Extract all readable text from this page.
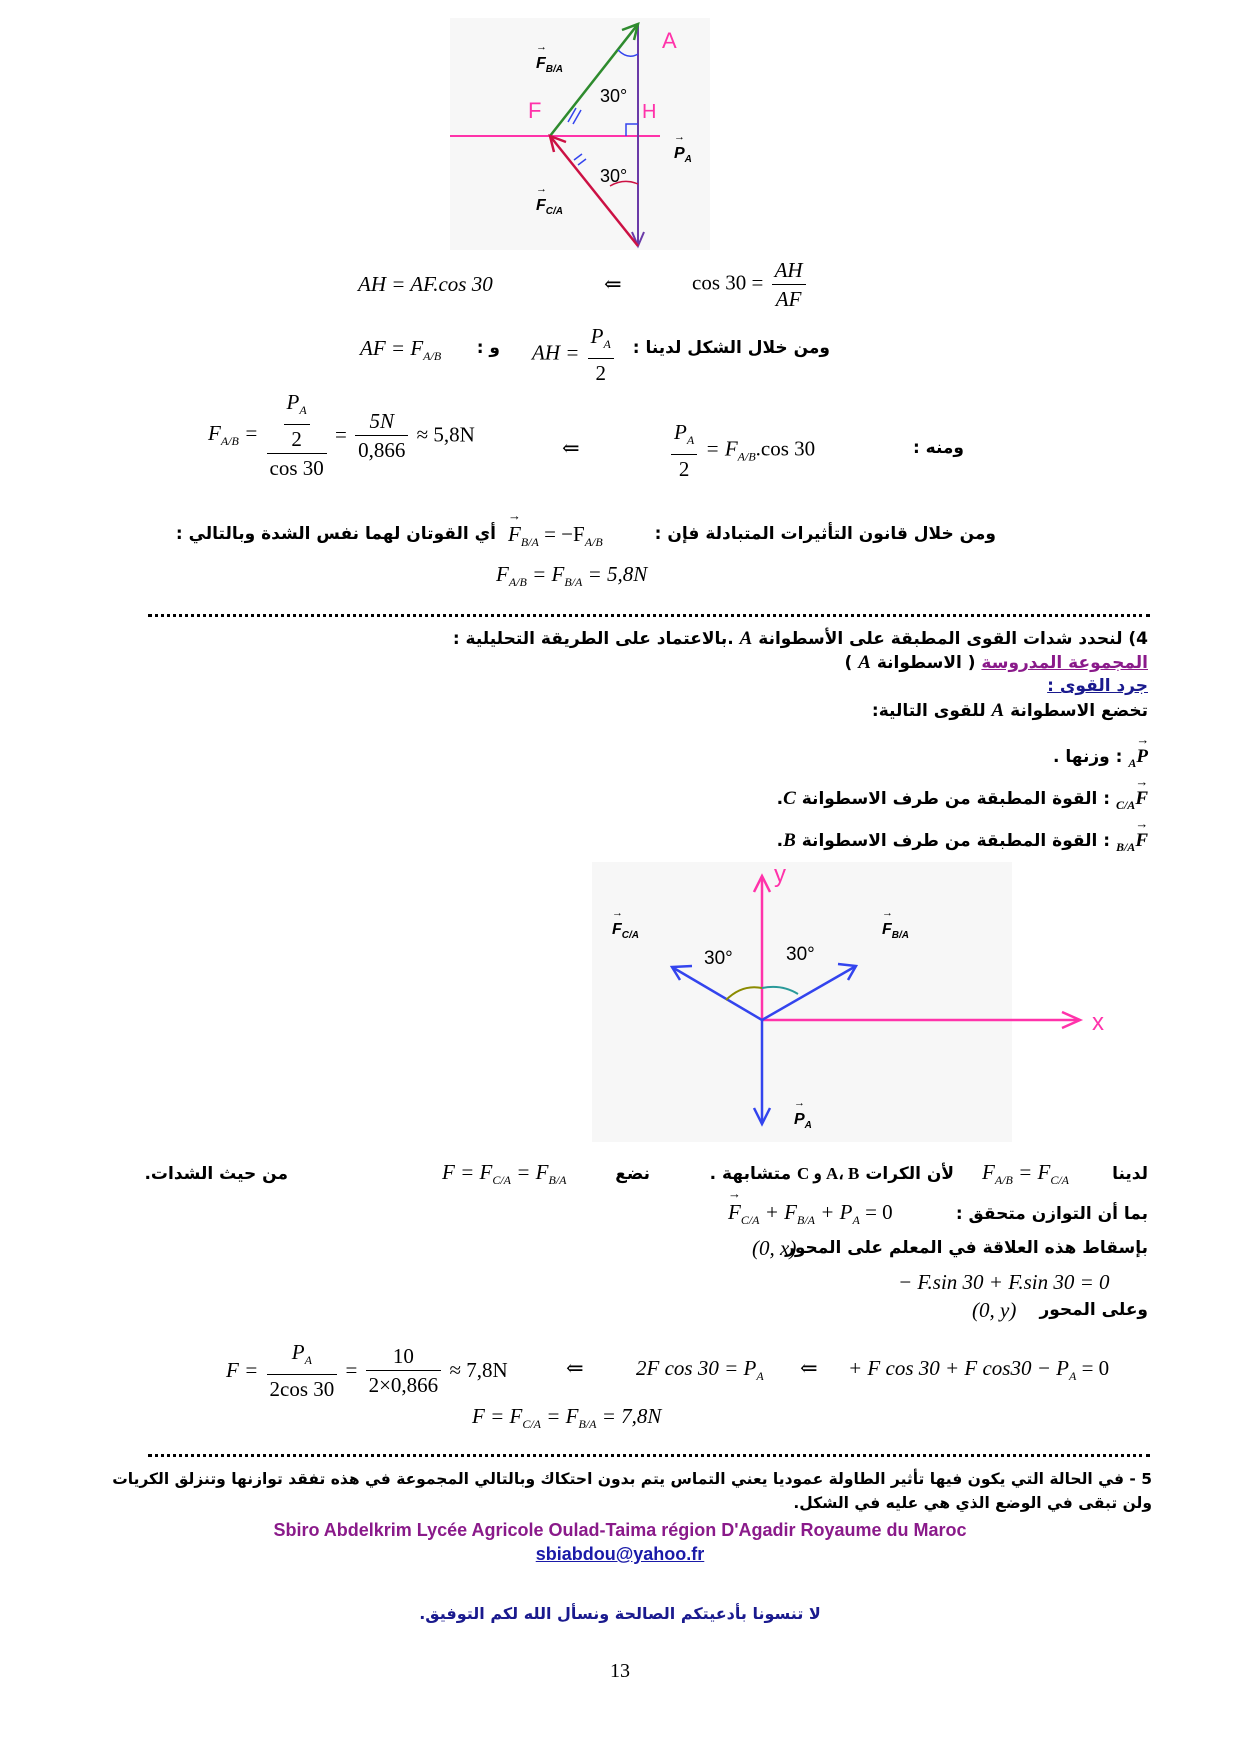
A
F	H
30°
30°
$F_{B/A}$
→
$F_{C/A}$
→
$P_A$
→
AH = AF.cos 30	⇐	$\cos 30 = \frac{AH}{AF}$
ومن خلال الشكل لدينا :
AH = $\frac{P_A}{2}$
و :
AF = $F_{A/B}$
ومنه :
$\frac{P_A}{2} = F_{A/B}.\cos$ 30
⇐
$F_{A/B} = \frac{\frac{P_A}{2}}{\cos 30} = \frac{5N}{0,866} \approx 5,8N$
ومن خلال قانون التأثيرات المتبادلة فإن :
→ $F_{B/A} = -F_{A/B}$
أي القوتان لهما نفس الشدة وبالتالي :
$F_{A/B} = F_{B/A} = 5,8N$
4) لنحدد شدات القوى المطبقة على الأسطوانة A .بالاعتماد على الطريقة التحليلية :
المجموعة المدروسة ( الاسطوانة A )
جرد القوى :
تخضع الاسطوانة A للقوى التالية:
→ $P_A$ : وزنها .
→ $F_{C/A}$ : القوة المطبقة من طرف الاسطوانة C.
→ $F_{B/A}$ : القوة المطبقة من طرف الاسطوانة B.
y
x
30°	30°
$F_{C/A}$
→
$F_{B/A}$
→
$P_A$
→
لدينا
$F_{A/B} = F_{C/A}$
لأن الكرات A، B و C متشابهة .
نضع
$F = F_{C/A} = F_{B/A}$
من حيث الشدات.
بما أن التوازن متحقق :
→ $F_{C/A} + F_{B/A} + P_A = 0$
بإسقاط هذه العلاقة في المعلم على المحور
(0, x)
− F.sin 30 + F.sin 30 = 0
وعلى المحور
(0, y)
$F = \frac{P_A}{2\cos 30} = \frac{10}{2\times 0,866} \approx 7,8N$	⇐ 2F $\cos 30 = P_A$ ⇐ + F cos 30 + F $\cos 30 - P_A = 0$
$F = F_{C/A} = F_{B/A} = 7,8N$
5 - في الحالة التي يكون فيها تأثير الطاولة عموديا يعني التماس يتم بدون احتكاك وبالتالي المجموعة في هذه تفقد توازنها وتنزلق الكريات
ولن تبقى في الوضع الذي هي عليه في الشكل.
Sbiro Abdelkrim Lycée Agricole Oulad-Taima région D'Agadir Royaume du Maroc
sbiabdou@yahoo.fr
لا تنسونا بأدعيتكم الصالحة ونسأل الله لكم التوفيق.
13
